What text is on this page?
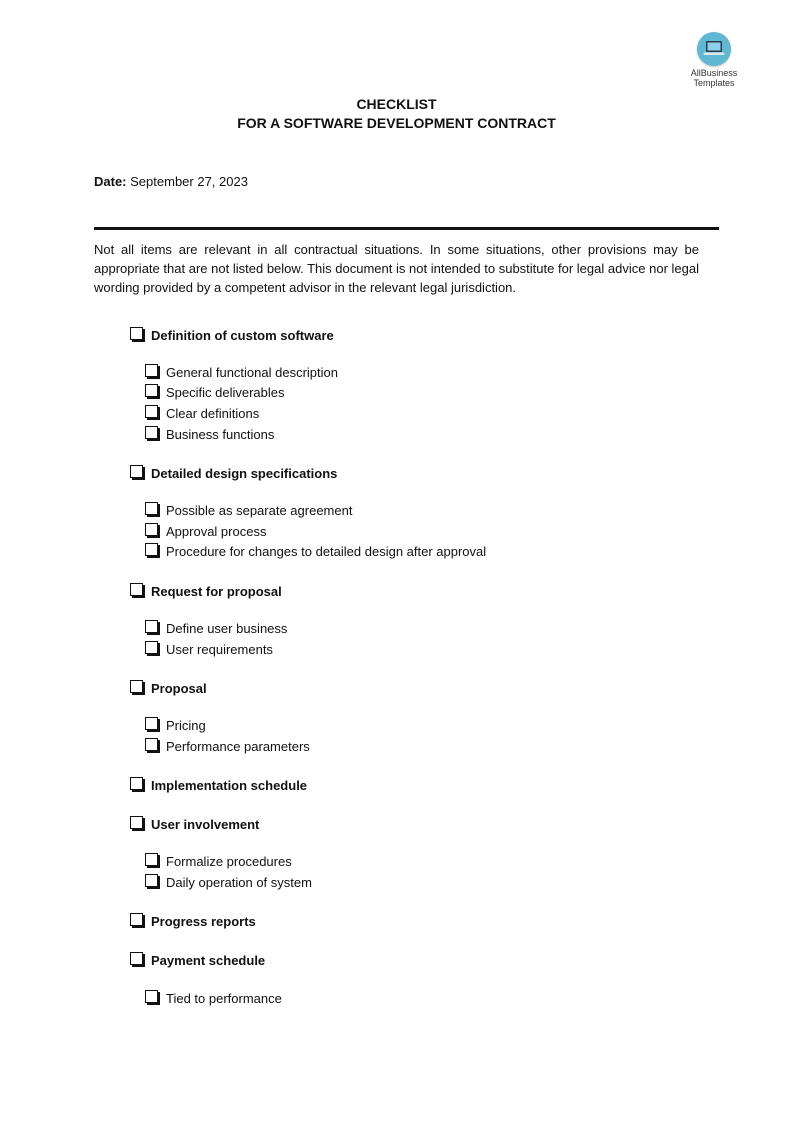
AllBusiness
Templates
CHECKLIST
FOR A SOFTWARE DEVELOPMENT CONTRACT
Date: September 27, 2023
Not all items are relevant in all contractual situations. In some situations, other provisions may be appropriate that are not listed below. This document is not intended to substitute for legal advice nor legal wording provided by a competent advisor in the relevant legal jurisdiction.
Definition of custom software
General functional description
Specific deliverables
Clear definitions
Business functions
Detailed design specifications
Possible as separate agreement
Approval process
Procedure for changes to detailed design after approval
Request for proposal
Define user business
User requirements
Proposal
Pricing
Performance parameters
Implementation schedule
User involvement
Formalize procedures
Daily operation of system
Progress reports
Payment schedule
Tied to performance
